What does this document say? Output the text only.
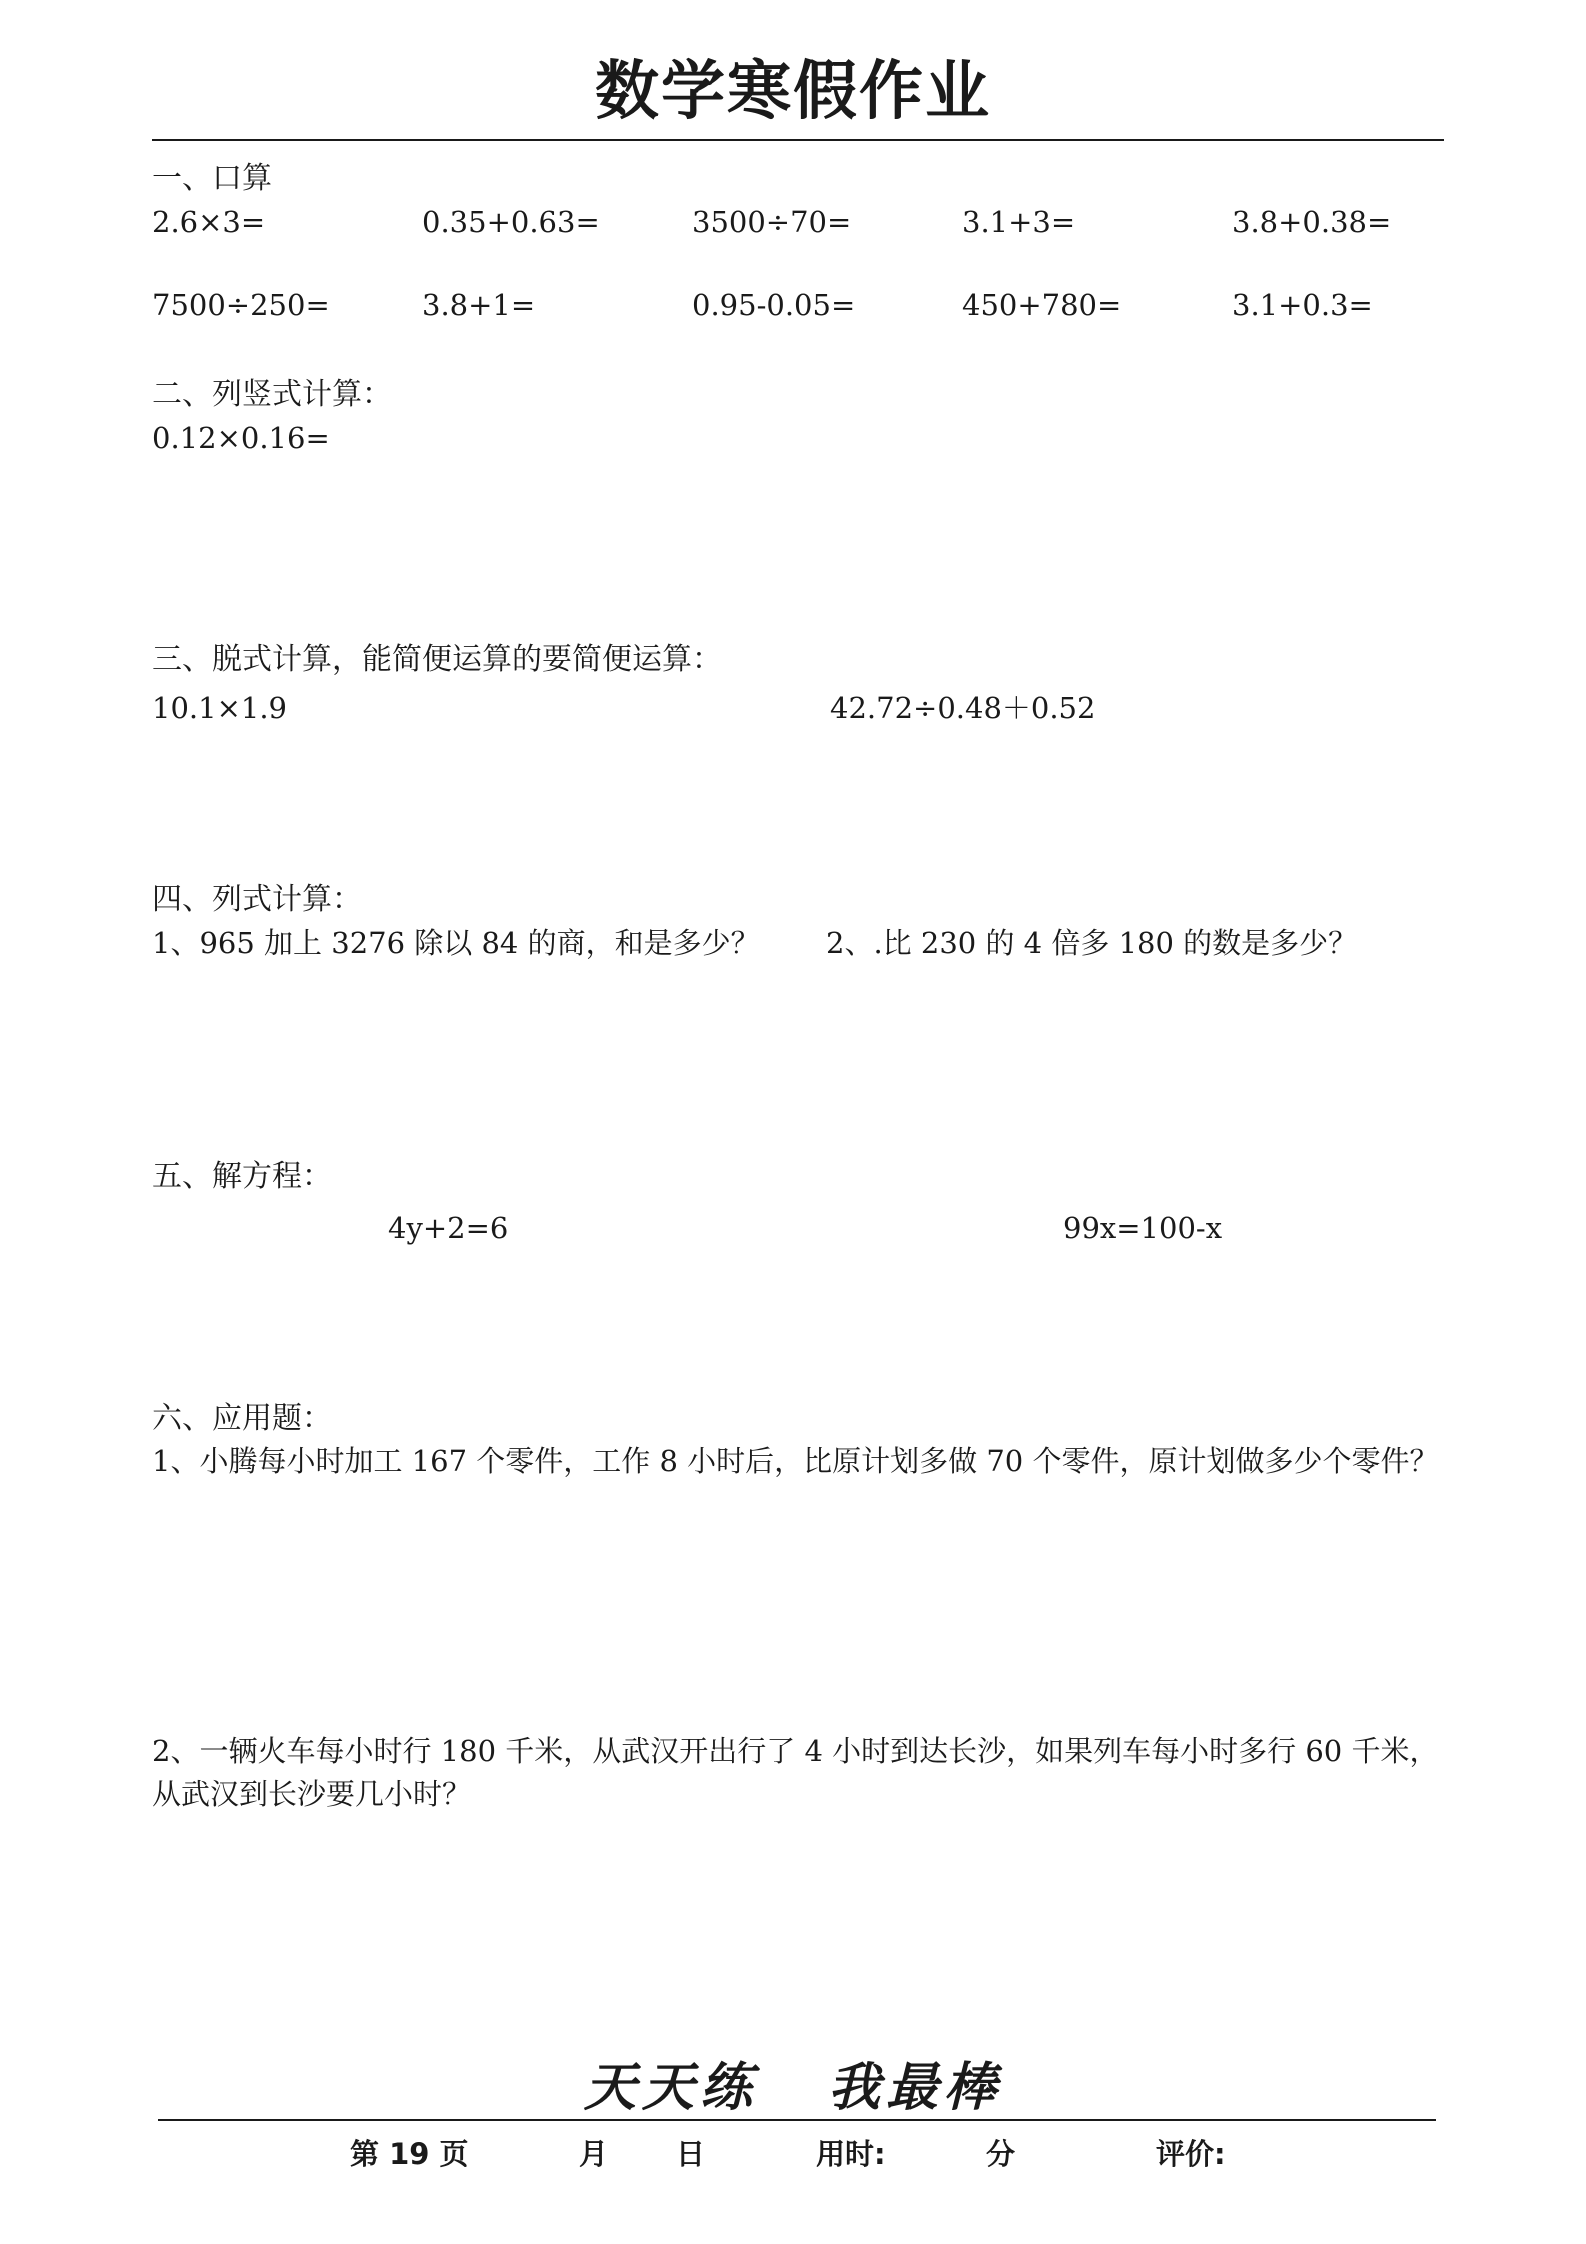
数学寒假作业
一、口算
2.6×3=	0.35+0.63=	3500÷70=	3.1+3=	3.8+0.38=
7500÷250=	3.8+1=	0.95-0.05=	450+780=	3.1+0.3=
二、列竖式计算：
0.12×0.16=
三、脱式计算，能简便运算的要简便运算：
10.1×1.9	42.72÷0.48＋0.52
四、列式计算：
1、965 加上 3276 除以 84 的商，和是多少？ 2、.比 230 的 4 倍多 180 的数是多少？
五、解方程：
4y+2=6	99x=100-x
六、应用题：
1、小腾每小时加工 167 个零件，工作 8 小时后，比原计划多做 70 个零件，原计划做多少个零件？
2、一辆火车每小时行 180 千米，从武汉开出行了 4 小时到达长沙，如果列车每小时多行 60 千米，从武汉到长沙要几小时？
天天练 我最棒
第 19 页	月 日	用时:	分	评价:
